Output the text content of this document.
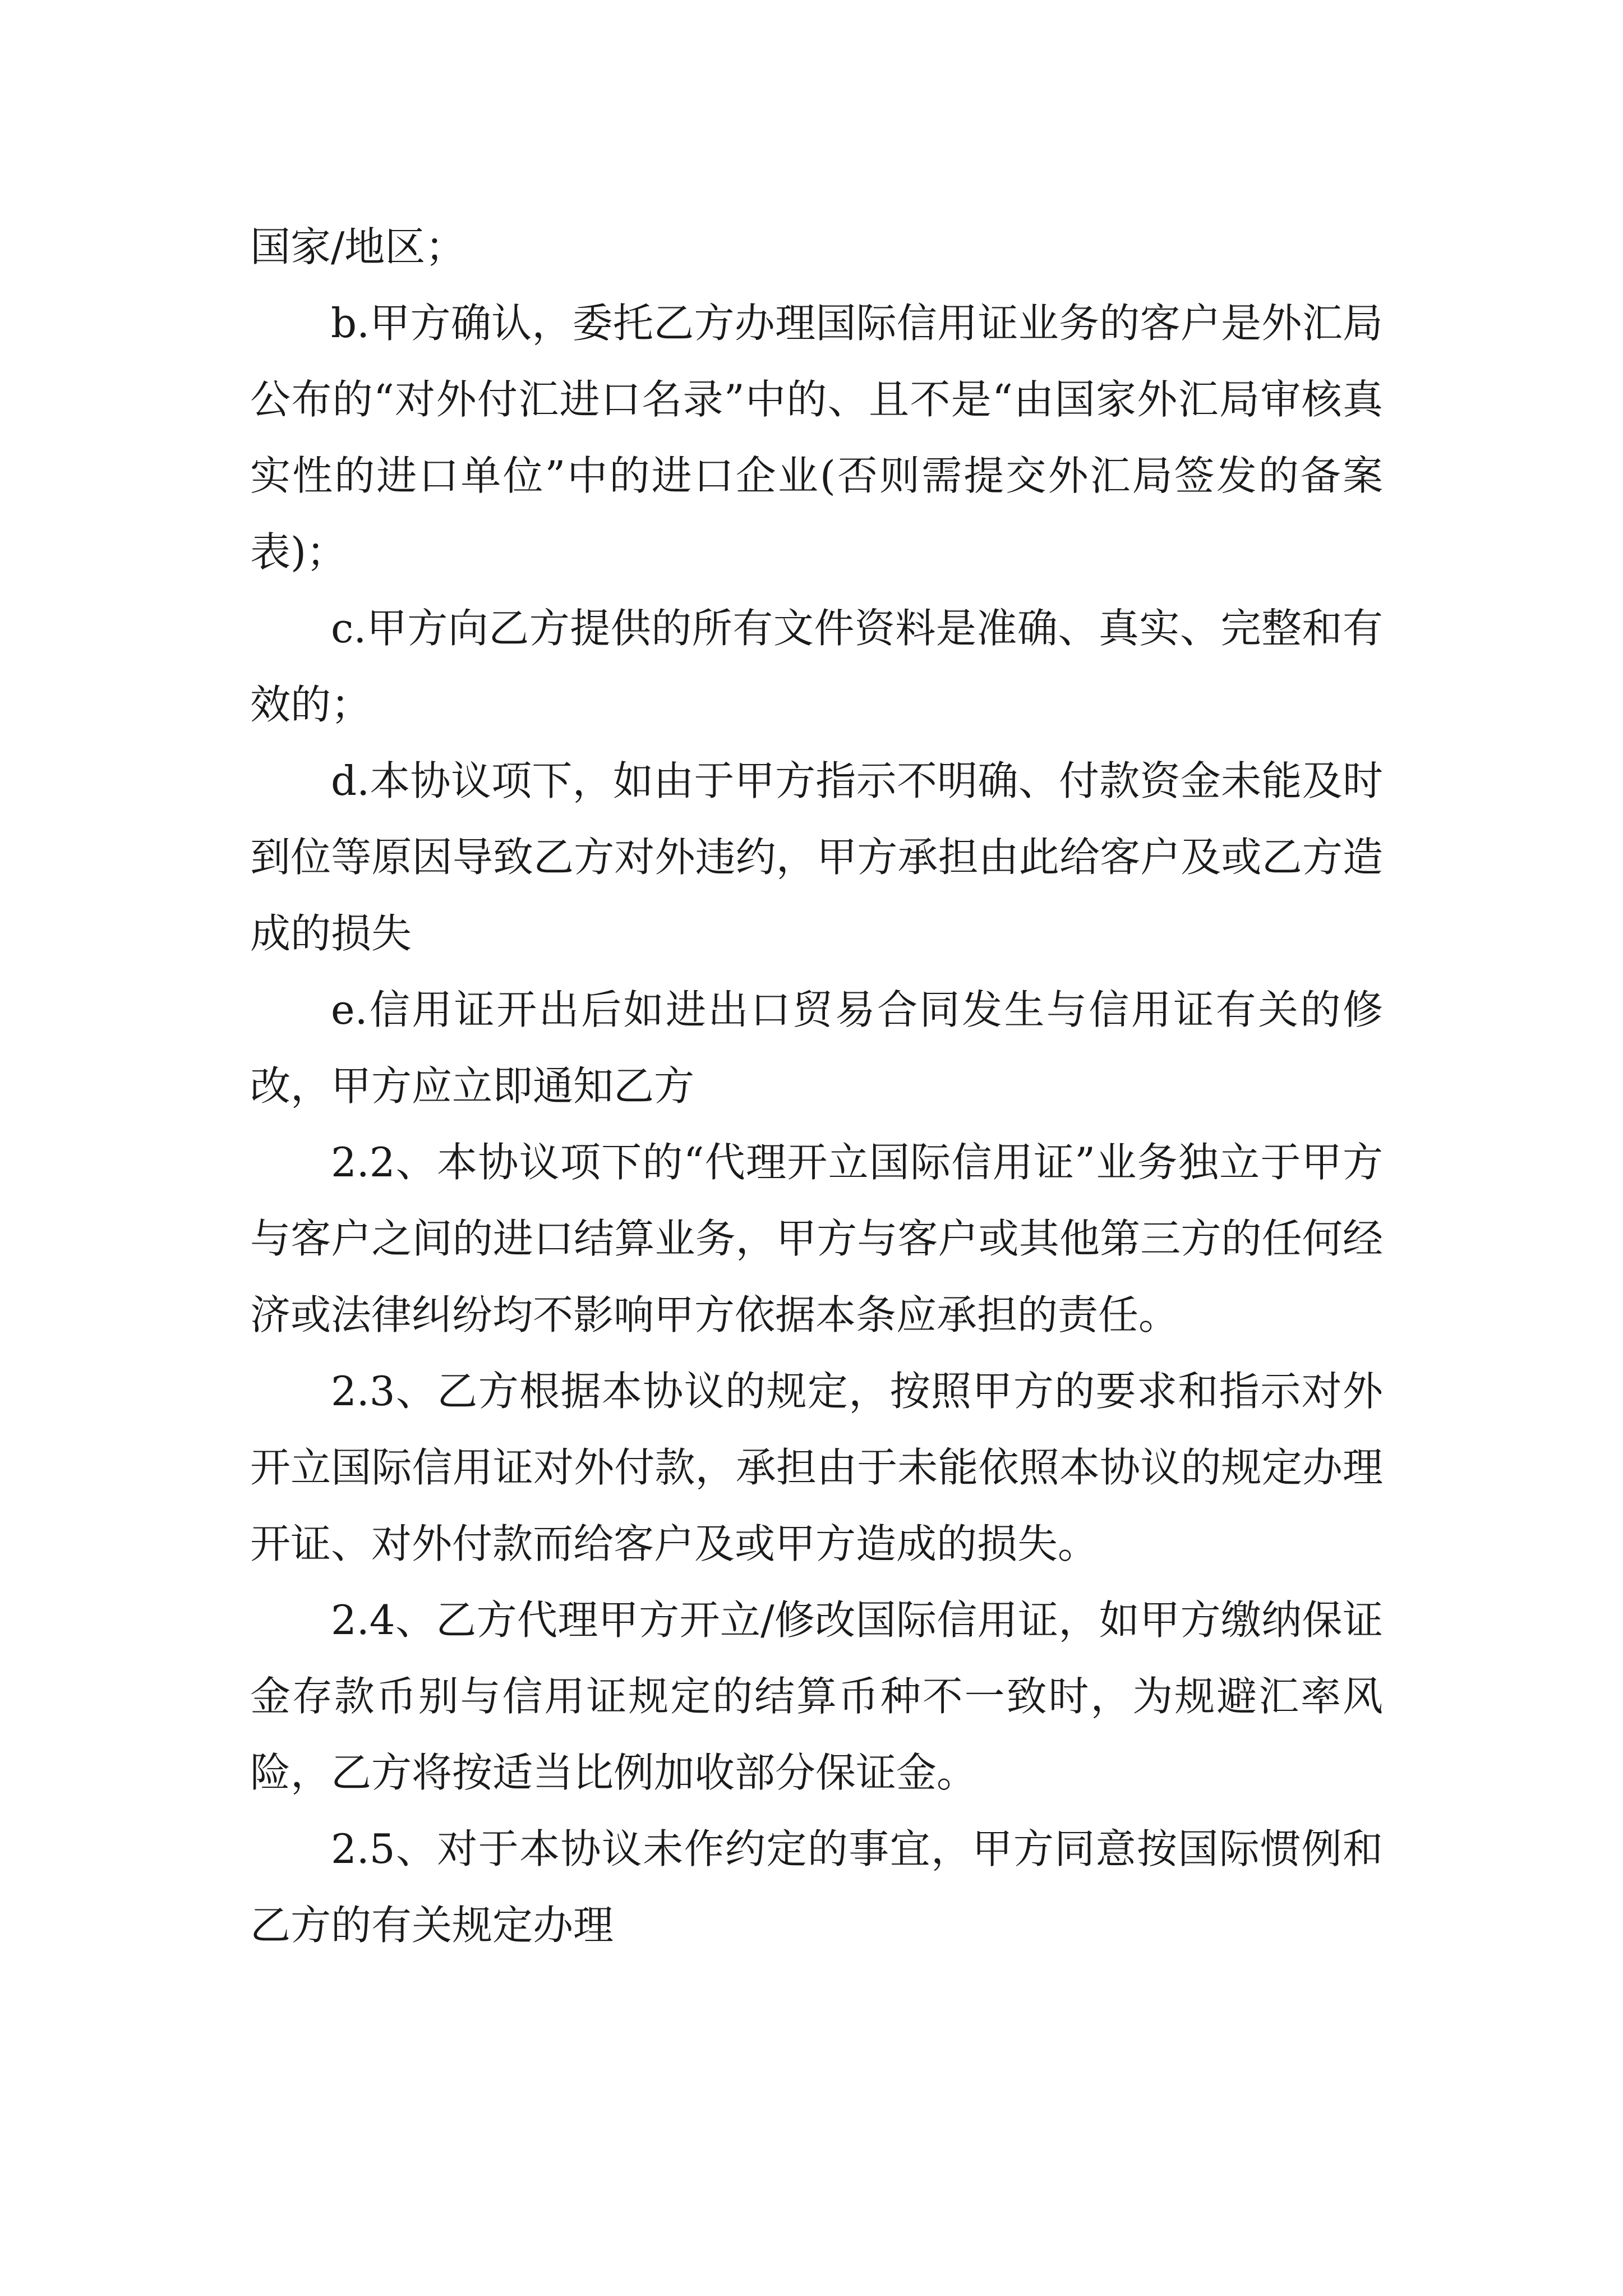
国家/地区；

b.甲方确认，委托乙方办理国际信用证业务的客户是外汇局公布的“对外付汇进口名录”中的、且不是“由国家外汇局审核真实性的进口单位”中的进口企业(否则需提交外汇局签发的备案表)；

c.甲方向乙方提供的所有文件资料是准确、真实、完整和有效的；

d.本协议项下，如由于甲方指示不明确、付款资金未能及时到位等原因导致乙方对外违约，甲方承担由此给客户及或乙方造成的损失

e.信用证开出后如进出口贸易合同发生与信用证有关的修改，甲方应立即通知乙方

2.2、本协议项下的“代理开立国际信用证”业务独立于甲方与客户之间的进口结算业务，甲方与客户或其他第三方的任何经济或法律纠纷均不影响甲方依据本条应承担的责任。

2.3、乙方根据本协议的规定，按照甲方的要求和指示对外开立国际信用证对外付款，承担由于未能依照本协议的规定办理开证、对外付款而给客户及或甲方造成的损失。

2.4、乙方代理甲方开立/修改国际信用证，如甲方缴纳保证金存款币别与信用证规定的结算币种不一致时，为规避汇率风险，乙方将按适当比例加收部分保证金。

2.5、对于本协议未作约定的事宜，甲方同意按国际惯例和乙方的有关规定办理
